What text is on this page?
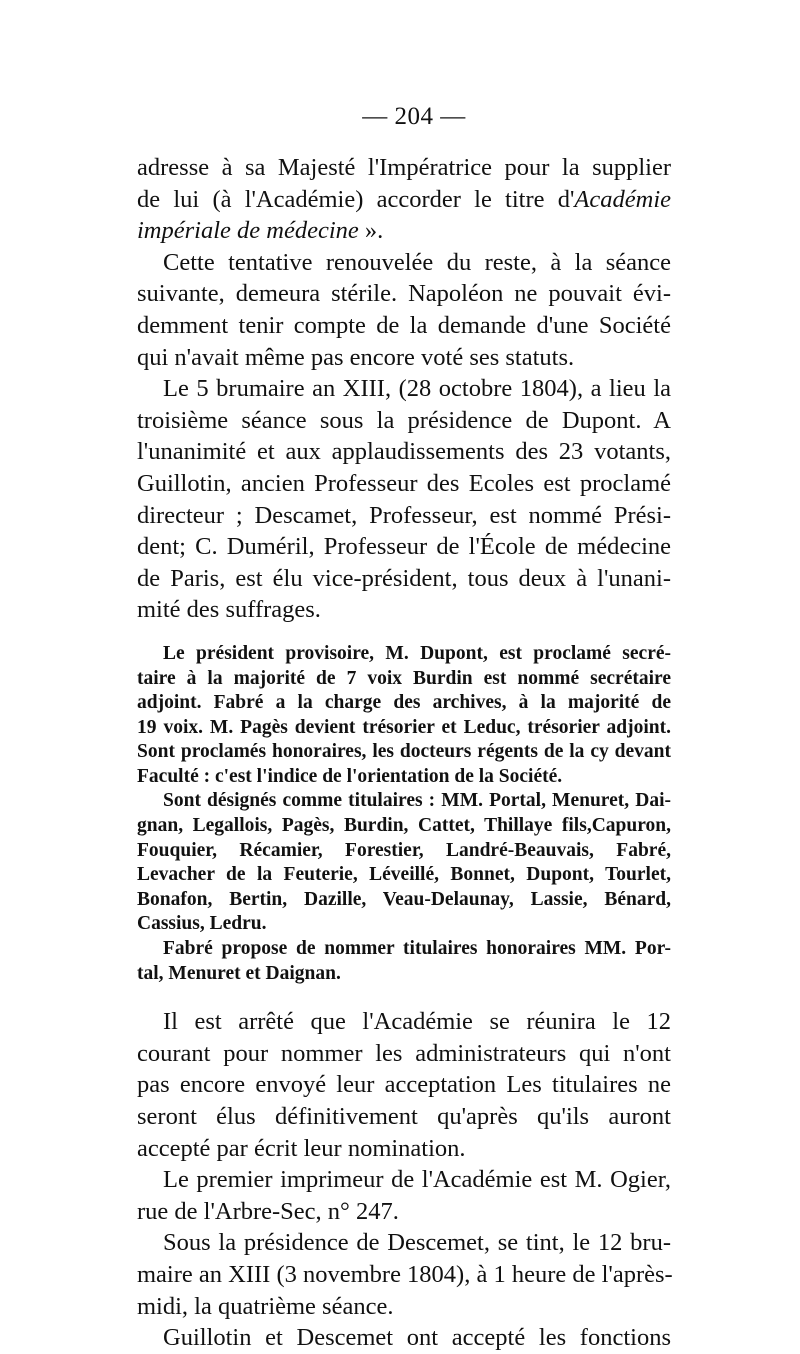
— 204 —
adresse à sa Majesté l'Impératrice pour la supplier
de lui (à l'Académie) accorder le titre d'Académie
impériale de médecine ».
Cette tentative renouvelée du reste, à la séance
suivante, demeura stérile. Napoléon ne pouvait évi-
demment tenir compte de la demande d'une Société
qui n'avait même pas encore voté ses statuts.
Le 5 brumaire an XIII, (28 octobre 1804), a lieu la
troisième séance sous la présidence de Dupont. A
l'unanimité et aux applaudissements des 23 votants,
Guillotin, ancien Professeur des Ecoles est proclamé
directeur ; Descamet, Professeur, est nommé Prési-
dent; C. Duméril, Professeur de l'École de médecine
de Paris, est élu vice-président, tous deux à l'unani-
mité des suffrages.
Le président provisoire, M. Dupont, est proclamé secré-
taire à la majorité de 7 voix Burdin est nommé secrétaire
adjoint. Fabré a la charge des archives, à la majorité de
19 voix. M. Pagès devient trésorier et Leduc, trésorier adjoint.
Sont proclamés honoraires, les docteurs régents de la cy devant
Faculté : c'est l'indice de l'orientation de la Société.
Sont désignés comme titulaires : MM. Portal, Menuret, Dai-
gnan, Legallois, Pagès, Burdin, Cattet, Thillaye fils,Capuron,
Fouquier, Récamier, Forestier, Landré-Beauvais, Fabré,
Levacher de la Feuterie, Léveillé, Bonnet, Dupont, Tourlet,
Bonafon, Bertin, Dazille, Veau-Delaunay, Lassie, Bénard,
Cassius, Ledru.
Fabré propose de nommer titulaires honoraires MM. Por-
tal, Menuret et Daignan.
Il est arrêté que l'Académie se réunira le 12
courant pour nommer les administrateurs qui n'ont
pas encore envoyé leur acceptation Les titulaires ne
seront élus définitivement qu'après qu'ils auront
accepté par écrit leur nomination.
Le premier imprimeur de l'Académie est M. Ogier,
rue de l'Arbre-Sec, n° 247.
Sous la présidence de Descemet, se tint, le 12 bru-
maire an XIII (3 novembre 1804), à 1 heure de l'après-
midi, la quatrième séance.
Guillotin et Descemet ont accepté les fonctions
